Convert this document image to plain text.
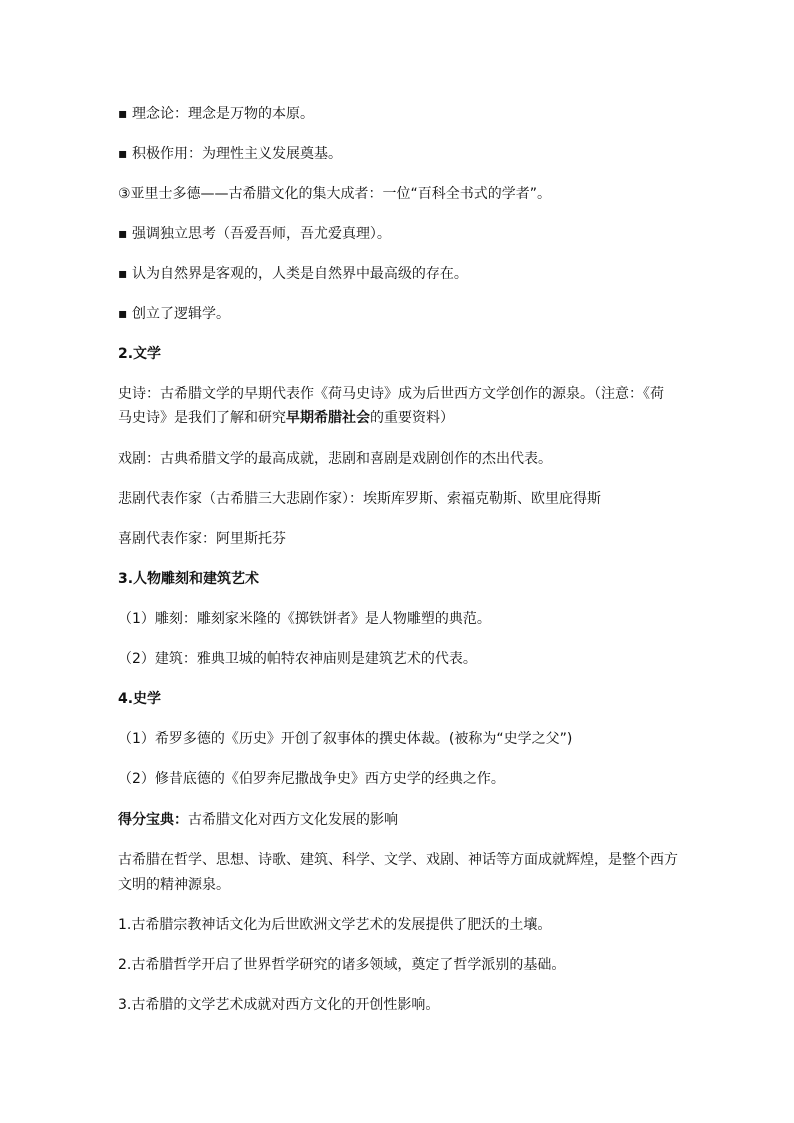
▪ 理念论：理念是万物的本原。
▪ 积极作用：为理性主义发展奠基。
③亚里士多德——古希腊文化的集大成者：一位“百科全书式的学者”。
▪ 强调独立思考（吾爱吾师，吾尤爱真理）。
▪ 认为自然界是客观的，人类是自然界中最高级的存在。
▪ 创立了逻辑学。
2.文学
史诗：古希腊文学的早期代表作《荷马史诗》成为后世西方文学创作的源泉。（注意：《荷
马史诗》是我们了解和研究早期希腊社会的重要资料）
戏剧：古典希腊文学的最高成就，悲剧和喜剧是戏剧创作的杰出代表。
悲剧代表作家（古希腊三大悲剧作家）：埃斯库罗斯、索福克勒斯、欧里庇得斯
喜剧代表作家：阿里斯托芬
3.人物雕刻和建筑艺术
（1）雕刻：雕刻家米隆的《掷铁饼者》是人物雕塑的典范。
（2）建筑：雅典卫城的帕特农神庙则是建筑艺术的代表。
4.史学
（1）希罗多德的《历史》开创了叙事体的撰史体裁。(被称为“史学之父”)
（2）修昔底德的《伯罗奔尼撒战争史》西方史学的经典之作。
得分宝典：古希腊文化对西方文化发展的影响
古希腊在哲学、思想、诗歌、建筑、科学、文学、戏剧、神话等方面成就辉煌，是整个西方
文明的精神源泉。
1.古希腊宗教神话文化为后世欧洲文学艺术的发展提供了肥沃的土壤。
2.古希腊哲学开启了世界哲学研究的诸多领域，奠定了哲学派别的基础。
3.古希腊的文学艺术成就对西方文化的开创性影响。
